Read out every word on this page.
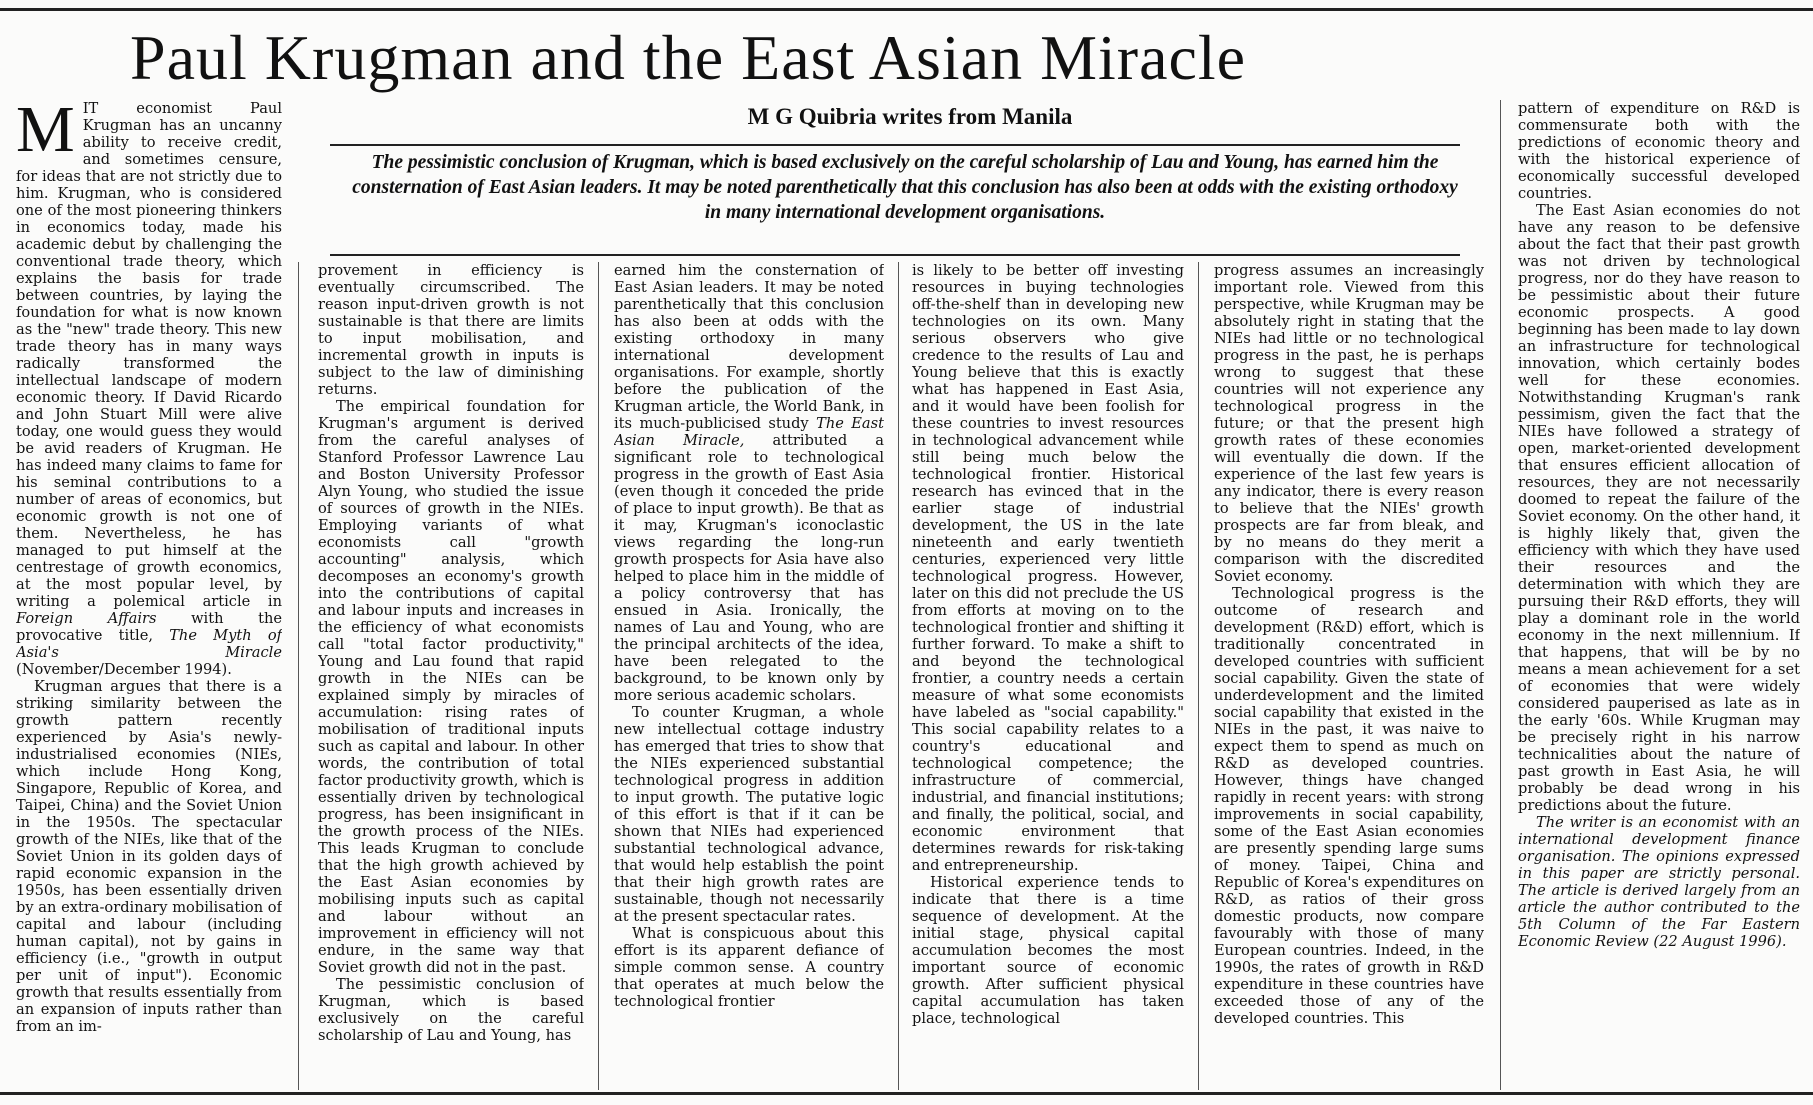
Paul Krugman and the East Asian Miracle
M G Quibria writes from Manila

The pessimistic conclusion of Krugman, which is based exclusively on the careful scholarship of Lau and Young, has earned him the consternation of East Asian leaders. It may be noted parenthetically that this conclusion has also been at odds with the existing orthodoxy in many international development organisations.

MIT economist Paul Krugman has an uncanny ability to receive credit, and sometimes censure, for ideas that are not strictly due to him. Krugman, who is considered one of the most pioneering thinkers in economics today, made his academic debut by challenging the conventional trade theory, which explains the basis for trade between countries, by laying the foundation for what is now known as the "new" trade theory. This new trade theory has in many ways radically transformed the intellectual landscape of modern economic theory. If David Ricardo and John Stuart Mill were alive today, one would guess they would be avid readers of Krugman. He has indeed many claims to fame for his seminal contributions to a number of areas of economics, but economic growth is not one of them. Nevertheless, he has managed to put himself at the centrestage of growth economics, at the most popular level, by writing a polemical article in Foreign Affairs with the provocative title, The Myth of Asia's Miracle (November/December 1994).

Krugman argues that there is a striking similarity between the growth pattern recently experienced by Asia's newly-industrialised economies (NIEs, which include Hong Kong, Singapore, Republic of Korea, and Taipei, China) and the Soviet Union in the 1950s. The spectacular growth of the NIEs, like that of the Soviet Union in its golden days of rapid economic expansion in the 1950s, has been essentially driven by an extra-ordinary mobilisation of capital and labour (including human capital), not by gains in efficiency (i.e., "growth in output per unit of input"). Economic growth that results essentially from an expansion of inputs rather than from an im-

provement in efficiency is eventually circumscribed. The reason input-driven growth is not sustainable is that there are limits to input mobilisation, and incremental growth in inputs is subject to the law of diminishing returns.

The empirical foundation for Krugman's argument is derived from the careful analyses of Stanford Professor Lawrence Lau and Boston University Professor Alyn Young, who studied the issue of sources of growth in the NIEs. Employing variants of what economists call "growth accounting" analysis, which decomposes an economy's growth into the contributions of capital and labour inputs and increases in the efficiency of what economists call "total factor productivity," Young and Lau found that rapid growth in the NIEs can be explained simply by miracles of accumulation: rising rates of mobilisation of traditional inputs such as capital and labour. In other words, the contribution of total factor productivity growth, which is essentially driven by technological progress, has been insignificant in the growth process of the NIEs. This leads Krugman to conclude that the high growth achieved by the East Asian economies by mobilising inputs such as capital and labour without an improvement in efficiency will not endure, in the same way that Soviet growth did not in the past.

The pessimistic conclusion of Krugman, which is based exclusively on the careful scholarship of Lau and Young, has

earned him the consternation of East Asian leaders. It may be noted parenthetically that this conclusion has also been at odds with the existing orthodoxy in many international development organisations. For example, shortly before the publication of the Krugman article, the World Bank, in its much-publicised study The East Asian Miracle, attributed a significant role to technological progress in the growth of East Asia (even though it conceded the pride of place to input growth). Be that as it may, Krugman's iconoclastic views regarding the long-run growth prospects for Asia have also helped to place him in the middle of a policy controversy that has ensued in Asia. Ironically, the names of Lau and Young, who are the principal architects of the idea, have been relegated to the background, to be known only by more serious academic scholars.

To counter Krugman, a whole new intellectual cottage industry has emerged that tries to show that the NIEs experienced substantial technological progress in addition to input growth. The putative logic of this effort is that if it can be shown that NIEs had experienced substantial technological advance, that would help establish the point that their high growth rates are sustainable, though not necessarily at the present spectacular rates.

What is conspicuous about this effort is its apparent defiance of simple common sense. A country that operates at much below the technological frontier

is likely to be better off investing resources in buying technologies off-the-shelf than in developing new technologies on its own. Many serious observers who give credence to the results of Lau and Young believe that this is exactly what has happened in East Asia, and it would have been foolish for these countries to invest resources in technological advancement while still being much below the technological frontier. Historical research has evinced that in the earlier stage of industrial development, the US in the late nineteenth and early twentieth centuries, experienced very little technological progress. However, later on this did not preclude the US from efforts at moving on to the technological frontier and shifting it further forward. To make a shift to and beyond the technological frontier, a country needs a certain measure of what some economists have labeled as "social capability." This social capability relates to a country's educational and technological competence; the infrastructure of commercial, industrial, and financial institutions; and finally, the political, social, and economic environment that determines rewards for risk-taking and entrepreneurship.

Historical experience tends to indicate that there is a time sequence of development. At the initial stage, physical capital accumulation becomes the most important source of economic growth. After sufficient physical capital accumulation has taken place, technological

progress assumes an increasingly important role. Viewed from this perspective, while Krugman may be absolutely right in stating that the NIEs had little or no technological progress in the past, he is perhaps wrong to suggest that these countries will not experience any technological progress in the future; or that the present high growth rates of these economies will eventually die down. If the experience of the last few years is any indicator, there is every reason to believe that the NIEs' growth prospects are far from bleak, and by no means do they merit a comparison with the discredited Soviet economy.

Technological progress is the outcome of research and development (R&D) effort, which is traditionally concentrated in developed countries with sufficient social capability. Given the state of underdevelopment and the limited social capability that existed in the NIEs in the past, it was naive to expect them to spend as much on R&D as developed countries. However, things have changed rapidly in recent years: with strong improvements in social capability, some of the East Asian economies are presently spending large sums of money. Taipei, China and Republic of Korea's expenditures on R&D, as ratios of their gross domestic products, now compare favourably with those of many European countries. Indeed, in the 1990s, the rates of growth in R&D expenditure in these countries have exceeded those of any of the developed countries. This

pattern of expenditure on R&D is commensurate both with the predictions of economic theory and with the historical experience of economically successful developed countries.

The East Asian economies do not have any reason to be defensive about the fact that their past growth was not driven by technological progress, nor do they have reason to be pessimistic about their future economic prospects. A good beginning has been made to lay down an infrastructure for technological innovation, which certainly bodes well for these economies. Notwithstanding Krugman's rank pessimism, given the fact that the NIEs have followed a strategy of open, market-oriented development that ensures efficient allocation of resources, they are not necessarily doomed to repeat the failure of the Soviet economy. On the other hand, it is highly likely that, given the efficiency with which they have used their resources and the determination with which they are pursuing their R&D efforts, they will play a dominant role in the world economy in the next millennium. If that happens, that will be by no means a mean achievement for a set of economies that were widely considered pauperised as late as in the early '60s. While Krugman may be precisely right in his narrow technicalities about the nature of past growth in East Asia, he will probably be dead wrong in his predictions about the future.

The writer is an economist with an international development finance organisation. The opinions expressed in this paper are strictly personal. The article is derived largely from an article the author contributed to the 5th Column of the Far Eastern Economic Review (22 August 1996).
